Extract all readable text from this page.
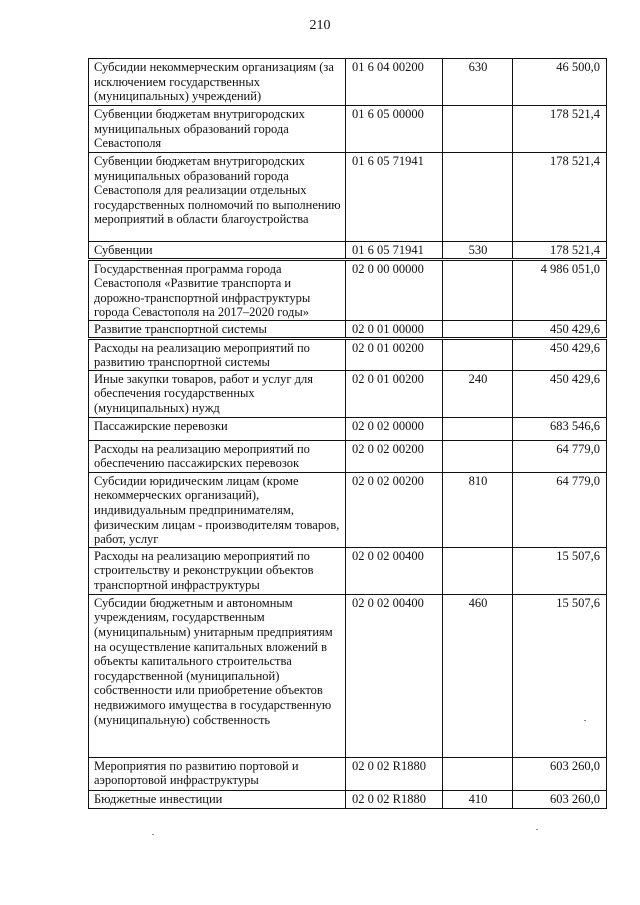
210
Субсидии некоммерческим организациям (за исключением государственных (муниципальных) учреждений)	01 6 04 00200	630	46 500,0
Субвенции бюджетам внутригородских муниципальных образований города Севастополя	01 6 05 00000		178 521,4
Субвенции бюджетам внутригородских муниципальных образований города Севастополя для реализации отдельных государственных полномочий по выполнению мероприятий в области благоустройства	01 6 05 71941		178 521,4
Субвенции	01 6 05 71941	530	178 521,4
Государственная программа города Севастополя «Развитие транспорта и дорожно-транспортной инфраструктуры города Севастополя на 2017–2020 годы»	02 0 00 00000		4 986 051,0
Развитие транспортной системы	02 0 01 00000		450 429,6
Расходы на реализацию мероприятий по развитию транспортной системы	02 0 01 00200		450 429,6
Иные закупки товаров, работ и услуг для обеспечения государственных (муниципальных) нужд	02 0 01 00200	240	450 429,6
Пассажирские перевозки	02 0 02 00000		683 546,6
Расходы на реализацию мероприятий по обеспечению пассажирских перевозок	02 0 02 00200		64 779,0
Субсидии юридическим лицам (кроме некоммерческих организаций), индивидуальным предпринимателям, физическим лицам - производителям товаров, работ, услуг	02 0 02 00200	810	64 779,0
Расходы на реализацию мероприятий по строительству и реконструкции объектов транспортной инфраструктуры	02 0 02 00400		15 507,6
Субсидии бюджетным и автономным учреждениям, государственным (муниципальным) унитарным предприятиям на осуществление капитальных вложений в объекты капитального строительства государственной (муниципальной) собственности или приобретение объектов недвижимого имущества в государственную (муниципальную) собственность	02 0 02 00400	460	15 507,6
Мероприятия по развитию портовой и аэропортовой инфраструктуры	02 0 02 R1880		603 260,0
Бюджетные инвестиции	02 0 02 R1880	410	603 260,0
